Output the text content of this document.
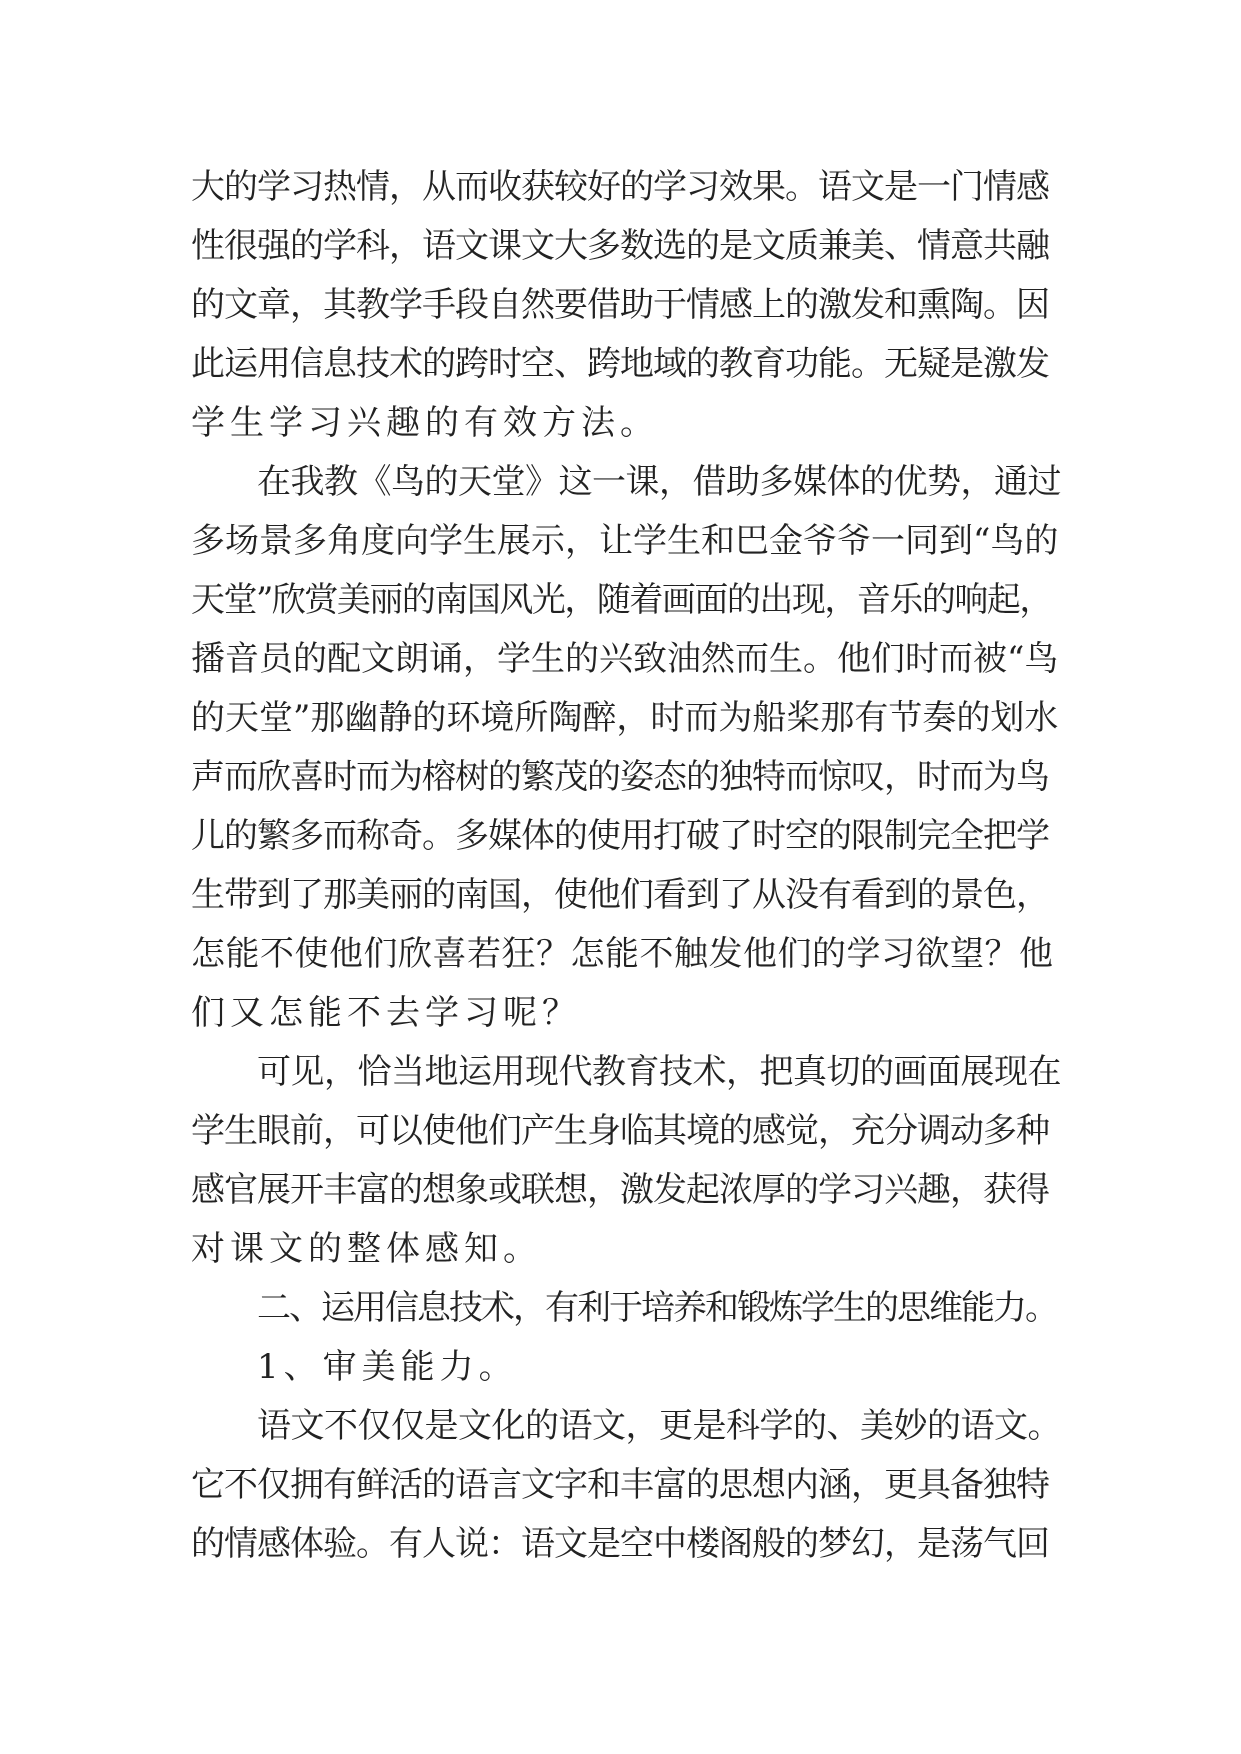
大的学习热情，从而收获较好的学习效果。语文是一门情感
性很强的学科，语文课文大多数选的是文质兼美、情意共融
的文章，其教学手段自然要借助于情感上的激发和熏陶。因
此运用信息技术的跨时空、跨地域的教育功能。无疑是激发
学生学习兴趣的有效方法。
在我教《鸟的天堂》这一课，借助多媒体的优势，通过
多场景多角度向学生展示，让学生和巴金爷爷一同到“鸟的
天堂”欣赏美丽的南国风光，随着画面的出现，音乐的响起，
播音员的配文朗诵，学生的兴致油然而生。他们时而被“鸟
的天堂”那幽静的环境所陶醉，时而为船桨那有节奏的划水
声而欣喜时而为榕树的繁茂的姿态的独特而惊叹，时而为鸟
儿的繁多而称奇。多媒体的使用打破了时空的限制完全把学
生带到了那美丽的南国，使他们看到了从没有看到的景色，
怎能不使他们欣喜若狂？怎能不触发他们的学习欲望？他
们又怎能不去学习呢？
可见，恰当地运用现代教育技术，把真切的画面展现在
学生眼前，可以使他们产生身临其境的感觉，充分调动多种
感官展开丰富的想象或联想，激发起浓厚的学习兴趣，获得
对课文的整体感知。
二、运用信息技术，有利于培养和锻炼学生的思维能力。
1、审美能力。
语文不仅仅是文化的语文，更是科学的、美妙的语文。
它不仅拥有鲜活的语言文字和丰富的思想内涵，更具备独特
的情感体验。有人说：语文是空中楼阁般的梦幻，是荡气回
